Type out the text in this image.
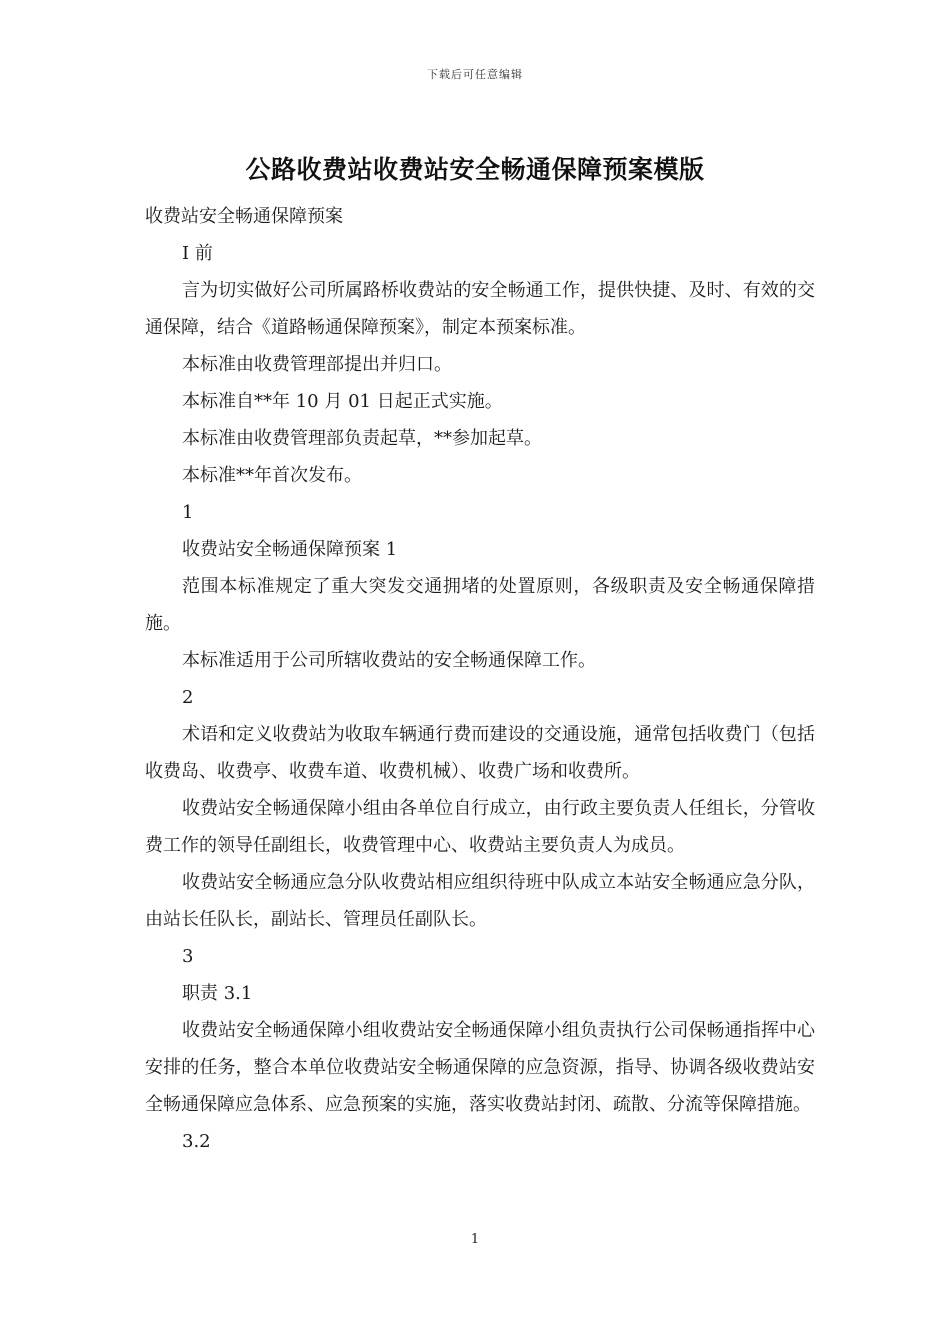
下载后可任意编辑
公路收费站收费站安全畅通保障预案模版

收费站安全畅通保障预案

I 前

言为切实做好公司所属路桥收费站的安全畅通工作，提供快捷、及时、有效的交通保障，结合《道路畅通保障预案》，制定本预案标准。

本标准由收费管理部提出并归口。

本标准自**年 10 月 01 日起正式实施。

本标准由收费管理部负责起草，**参加起草。

本标准**年首次发布。

1

收费站安全畅通保障预案 1

范围本标准规定了重大突发交通拥堵的处置原则，各级职责及安全畅通保障措施。

本标准适用于公司所辖收费站的安全畅通保障工作。

2

术语和定义收费站为收取车辆通行费而建设的交通设施，通常包括收费门（包括收费岛、收费亭、收费车道、收费机械）、收费广场和收费所。

收费站安全畅通保障小组由各单位自行成立，由行政主要负责人任组长，分管收费工作的领导任副组长，收费管理中心、收费站主要负责人为成员。

收费站安全畅通应急分队收费站相应组织待班中队成立本站安全畅通应急分队，由站长任队长，副站长、管理员任副队长。

3

职责 3.1

收费站安全畅通保障小组收费站安全畅通保障小组负责执行公司保畅通指挥中心安排的任务，整合本单位收费站安全畅通保障的应急资源，指导、协调各级收费站安全畅通保障应急体系、应急预案的实施，落实收费站封闭、疏散、分流等保障措施。

3.2

1
